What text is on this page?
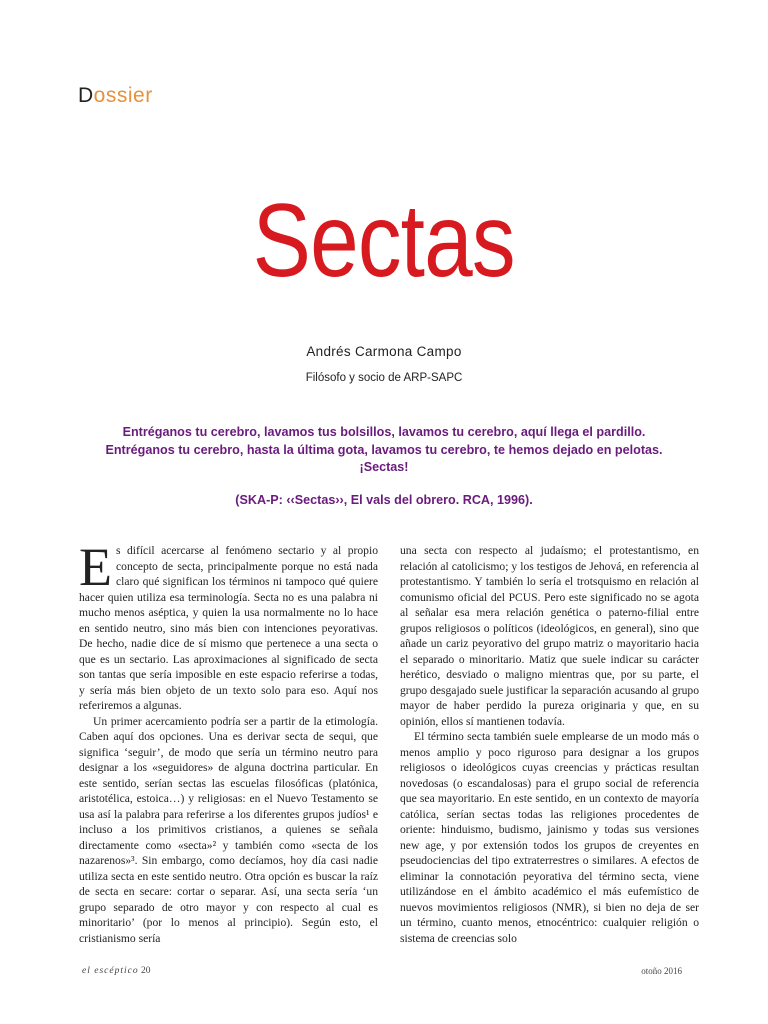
Dossier
Sectas
Andrés Carmona Campo
Filósofo y socio de ARP-SAPC
Entréganos tu cerebro, lavamos tus bolsillos, lavamos tu cerebro, aquí llega el pardillo.
Entréganos tu cerebro, hasta la última gota, lavamos tu cerebro, te hemos dejado en pelotas.
¡Sectas!
(SKA-P: ‹‹Sectas››, El vals del obrero. RCA, 1996).

Es difícil acercarse al fenómeno sectario y al propio concepto de secta, principalmente porque no está nada claro qué significan los términos ni tampoco qué quiere hacer quien utiliza esa terminología. Secta no es una palabra ni mucho menos aséptica, y quien la usa normalmente no lo hace en sentido neutro, sino más bien con intenciones peyorativas. De hecho, nadie dice de sí mismo que pertenece a una secta o que es un sectario. Las aproximaciones al significado de secta son tantas que sería imposible en este espacio referirse a todas, y sería más bien objeto de un texto solo para eso. Aquí nos referiremos a algunas.

Un primer acercamiento podría ser a partir de la etimología. Caben aquí dos opciones. Una es derivar secta de sequi, que significa ‘seguir’, de modo que sería un término neutro para designar a los «seguidores» de alguna doctrina particular. En este sentido, serían sectas las escuelas filosóficas (platónica, aristotélica, estoica…) y religiosas: en el Nuevo Testamento se usa así la palabra para referirse a los diferentes grupos judíos¹ e incluso a los primitivos cristianos, a quienes se señala directamente como «secta»² y también como «secta de los nazarenos»³. Sin embargo, como decíamos, hoy día casi nadie utiliza secta en este sentido neutro. Otra opción es buscar la raíz de secta en secare: cortar o separar. Así, una secta sería ‘un grupo separado de otro mayor y con respecto al cual es minoritario’ (por lo menos al principio). Según esto, el cristianismo sería

una secta con respecto al judaísmo; el protestantismo, en relación al catolicismo; y los testigos de Jehová, en referencia al protestantismo. Y también lo sería el trotsquismo en relación al comunismo oficial del PCUS. Pero este significado no se agota al señalar esa mera relación genética o paterno-filial entre grupos religiosos o políticos (ideológicos, en general), sino que añade un cariz peyorativo del grupo matriz o mayoritario hacia el separado o minoritario. Matiz que suele indicar su carácter herético, desviado o maligno mientras que, por su parte, el grupo desgajado suele justificar la separación acusando al grupo mayor de haber perdido la pureza originaria y que, en su opinión, ellos sí mantienen todavía.

El término secta también suele emplearse de un modo más o menos amplio y poco riguroso para designar a los grupos religiosos o ideológicos cuyas creencias y prácticas resultan novedosas (o escandalosas) para el grupo social de referencia que sea mayoritario. En este sentido, en un contexto de mayoría católica, serían sectas todas las religiones procedentes de oriente: hinduismo, budismo, jainismo y todas sus versiones new age, y por extensión todos los grupos de creyentes en pseudociencias del tipo extraterrestres o similares. A efectos de eliminar la connotación peyorativa del término secta, viene utilizándose en el ámbito académico el más eufemístico de nuevos movimientos religiosos (NMR), si bien no deja de ser un término, cuanto menos, etnocéntrico: cualquier religión o sistema de creencias solo

el escéptico 20	otoño 2016
